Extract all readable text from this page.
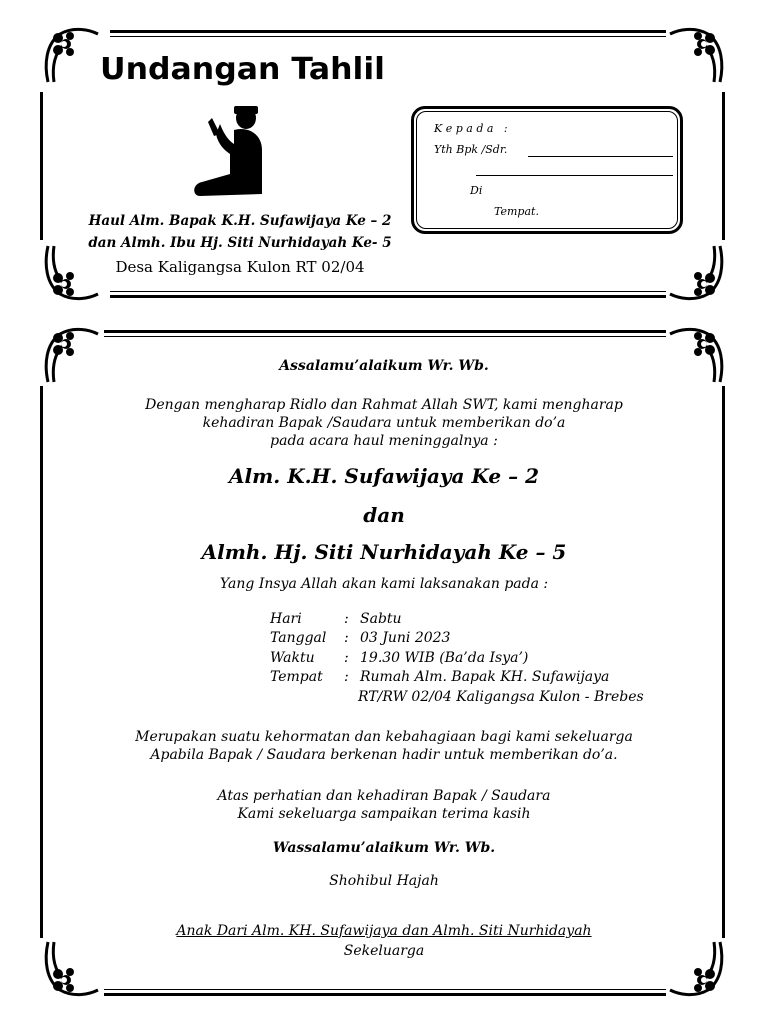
Undangan Tahlil
Haul Alm. Bapak K.H. Sufawijaya Ke – 2
dan Almh. Ibu Hj. Siti Nurhidayah Ke- 5
Desa Kaligangsa Kulon RT 02/04
K e p a d a   :
Yth Bpk /Sdr.
Di
Tempat.
Assalamu’alaikum Wr. Wb.
Dengan mengharap Ridlo dan Rahmat Allah SWT, kami mengharap
kehadiran Bapak /Saudara untuk memberikan do’a
pada acara haul meninggalnya :
Alm. K.H. Sufawijaya Ke – 2
dan
Almh. Hj. Siti Nurhidayah Ke – 5
Yang Insya Allah akan kami laksanakan pada :
Hari	: Sabtu
Tanggal : 03 Juni 2023
Waktu : 19.30 WIB (Ba’da Isya’)
Tempat : Rumah Alm. Bapak KH. Sufawijaya
RT/RW 02/04 Kaligangsa Kulon - Brebes
Merupakan suatu kehormatan dan kebahagiaan bagi kami sekeluarga
Apabila Bapak / Saudara berkenan hadir untuk memberikan do’a.
Atas perhatian dan kehadiran Bapak / Saudara
Kami sekeluarga sampaikan terima kasih
Wassalamu’alaikum Wr. Wb.
Shohibul Hajah
Anak Dari Alm. KH. Sufawijaya dan Almh. Siti Nurhidayah
Sekeluarga
